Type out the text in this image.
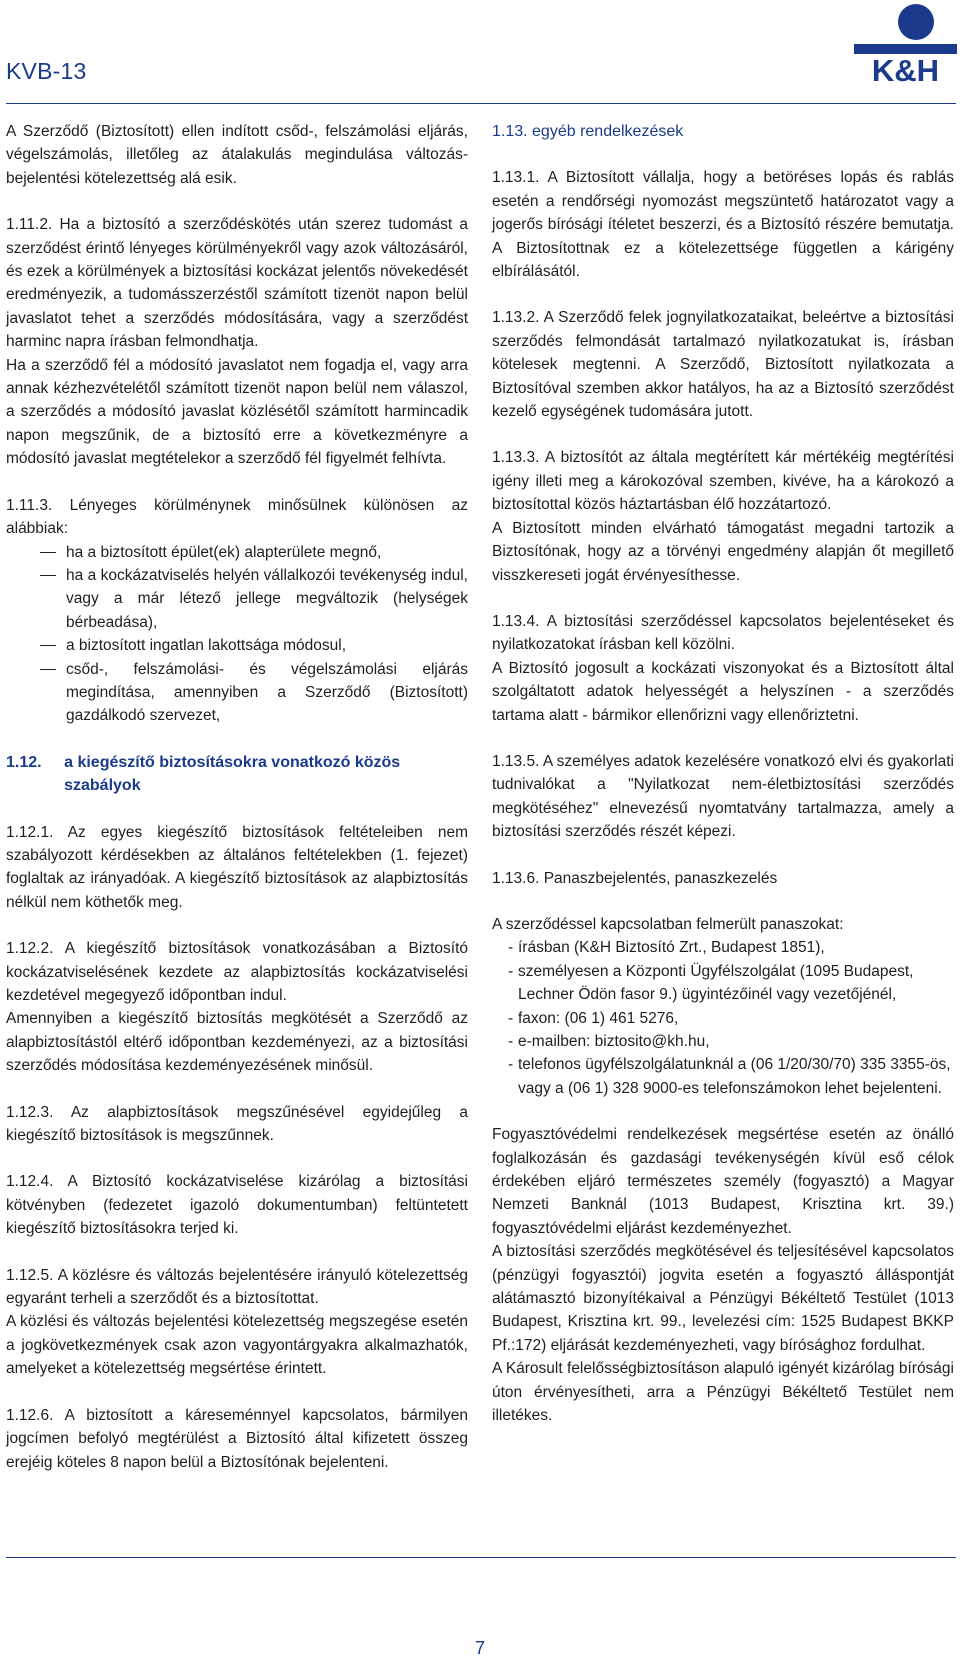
KVB-13	K&H

A Szerződő (Biztosított) ellen indított csőd-, felszámolási eljárás, végelszámolás, illetőleg az átalakulás megindulása változás-bejelentési kötelezettség alá esik.

1.11.2. Ha a biztosító a szerződéskötés után szerez tudomást a szerződést érintő lényeges körülményekről vagy azok változásáról, és ezek a körülmények a biztosítási kockázat jelentős növekedését eredményezik, a tudomásszerzéstől számított tizenöt napon belül javaslatot tehet a szerződés módosítására, vagy a szerződést harminc napra írásban felmondhatja.

Ha a szerződő fél a módosító javaslatot nem fogadja el, vagy arra annak kézhezvételétől számított tizenöt napon belül nem válaszol, a szerződés a módosító javaslat közlésétől számított harmincadik napon megszűnik, de a biztosító erre a következményre a módosító javaslat megtételekor a szerződő fél figyelmét felhívta.

1.11.3. Lényeges körülménynek minősülnek különösen az alábbiak:

ha a biztosított épület(ek) alapterülete megnő,
ha a kockázatviselés helyén vállalkozói tevékenység indul, vagy a már létező jellege megváltozik (helységek bérbeadása),
a biztosított ingatlan lakottsága módosul,
csőd-, felszámolási- és végelszámolási eljárás megindítása, amennyiben a Szerződő (Biztosított) gazdálkodó szervezet,
1.12.	a kiegészítő biztosításokra vonatkozó közös szabályok

1.12.1. Az egyes kiegészítő biztosítások feltételeiben nem szabályozott kérdésekben az általános feltételekben (1. fejezet) foglaltak az irányadóak. A kiegészítő biztosítások az alapbiztosítás nélkül nem köthetők meg.

1.12.2. A kiegészítő biztosítások vonatkozásában a Biztosító kockázatviselésének kezdete az alapbiztosítás kockázatviselési kezdetével megegyező időpontban indul.

Amennyiben a kiegészítő biztosítás megkötését a Szerződő az alapbiztosítástól eltérő időpontban kezdeményezi, az a biztosítási szerződés módosítása kezdeményezésének minősül.

1.12.3. Az alapbiztosítások megszűnésével egyidejűleg a kiegészítő biztosítások is megszűnnek.

1.12.4. A Biztosító kockázatviselése kizárólag a biztosítási kötvényben (fedezetet igazoló dokumentumban) feltüntetett kiegészítő biztosításokra terjed ki.

1.12.5. A közlésre és változás bejelentésére irányuló kötelezettség egyaránt terheli a szerződőt és a biztosítottat.

A közlési és változás bejelentési kötelezettség megszegése esetén a jogkövetkezmények csak azon vagyontárgyakra alkalmazhatók, amelyeket a kötelezettség megsértése érintett.

1.12.6. A biztosított a káreseménnyel kapcsolatos, bármilyen jogcímen befolyó megtérülést a Biztosító által kifizetett összeg erejéig köteles 8 napon belül a Biztosítónak bejelenteni.

1.13. egyéb rendelkezések

1.13.1. A Biztosított vállalja, hogy a betöréses lopás és rablás esetén a rendőrségi nyomozást megszüntető határozatot vagy a jogerős bírósági ítéletet beszerzi, és a Biztosító részére bemutatja. A Biztosítottnak ez a kötelezettsége független a kárigény elbírálásától.

1.13.2. A Szerződő felek jognyilatkozataikat, beleértve a biztosítási szerződés felmondását tartalmazó nyilatkozatukat is, írásban kötelesek megtenni. A Szerződő, Biztosított nyilatkozata a Biztosítóval szemben akkor hatályos, ha az a Biztosító szerződést kezelő egységének tudomására jutott.

1.13.3. A biztosítót az általa megtérített kár mértékéig megtérítési igény illeti meg a károkozóval szemben, kivéve, ha a károkozó a biztosítottal közös háztartásban élő hozzátartozó.

A Biztosított minden elvárható támogatást megadni tartozik a Biztosítónak, hogy az a törvényi engedmény alapján őt megillető visszkereseti jogát érvényesíthesse.

1.13.4. A biztosítási szerződéssel kapcsolatos bejelentéseket és nyilatkozatokat írásban kell közölni.

A Biztosító jogosult a kockázati viszonyokat és a Biztosított által szolgáltatott adatok helyességét a helyszínen - a szerződés tartama alatt - bármikor ellenőrizni vagy ellenőriztetni.

1.13.5. A személyes adatok kezelésére vonatkozó elvi és gyakorlati tudnivalókat a "Nyilatkozat nem-életbiztosítási szerződés megkötéséhez" elnevezésű nyomtatvány tartalmazza, amely a biztosítási szerződés részét képezi.

1.13.6. Panaszbejelentés, panaszkezelés

A szerződéssel kapcsolatban felmerült panaszokat:

- írásban (K&H Biztosító Zrt., Budapest 1851),
- személyesen a Központi Ügyfélszolgálat (1095 Budapest, Lechner Ödön fasor 9.) ügyintézőinél vagy vezetőjénél,
- faxon: (06 1) 461 5276,
- e-mailben: biztosito@kh.hu,
- telefonos ügyfélszolgálatunknál a (06 1/20/30/70) 335 3355-ös, vagy a (06 1) 328 9000-es telefonszámokon lehet bejelenteni.

Fogyasztóvédelmi rendelkezések megsértése esetén az önálló foglalkozásán és gazdasági tevékenységén kívül eső célok érdekében eljáró természetes személy (fogyasztó) a Magyar Nemzeti Banknál (1013 Budapest, Krisztina krt. 39.) fogyasztóvédelmi eljárást kezdeményezhet.

A biztosítási szerződés megkötésével és teljesítésével kapcsolatos (pénzügyi fogyasztói) jogvita esetén a fogyasztó álláspontját alátámasztó bizonyítékaival a Pénzügyi Békéltető Testület (1013 Budapest, Krisztina krt. 99., levelezési cím: 1525 Budapest BKKP Pf.:172) eljárását kezdeményezheti, vagy bírósághoz fordulhat.

A Károsult felelősségbiztosításon alapuló igényét kizárólag bírósági úton érvényesítheti, arra a Pénzügyi Békéltető Testület nem illetékes.

7
